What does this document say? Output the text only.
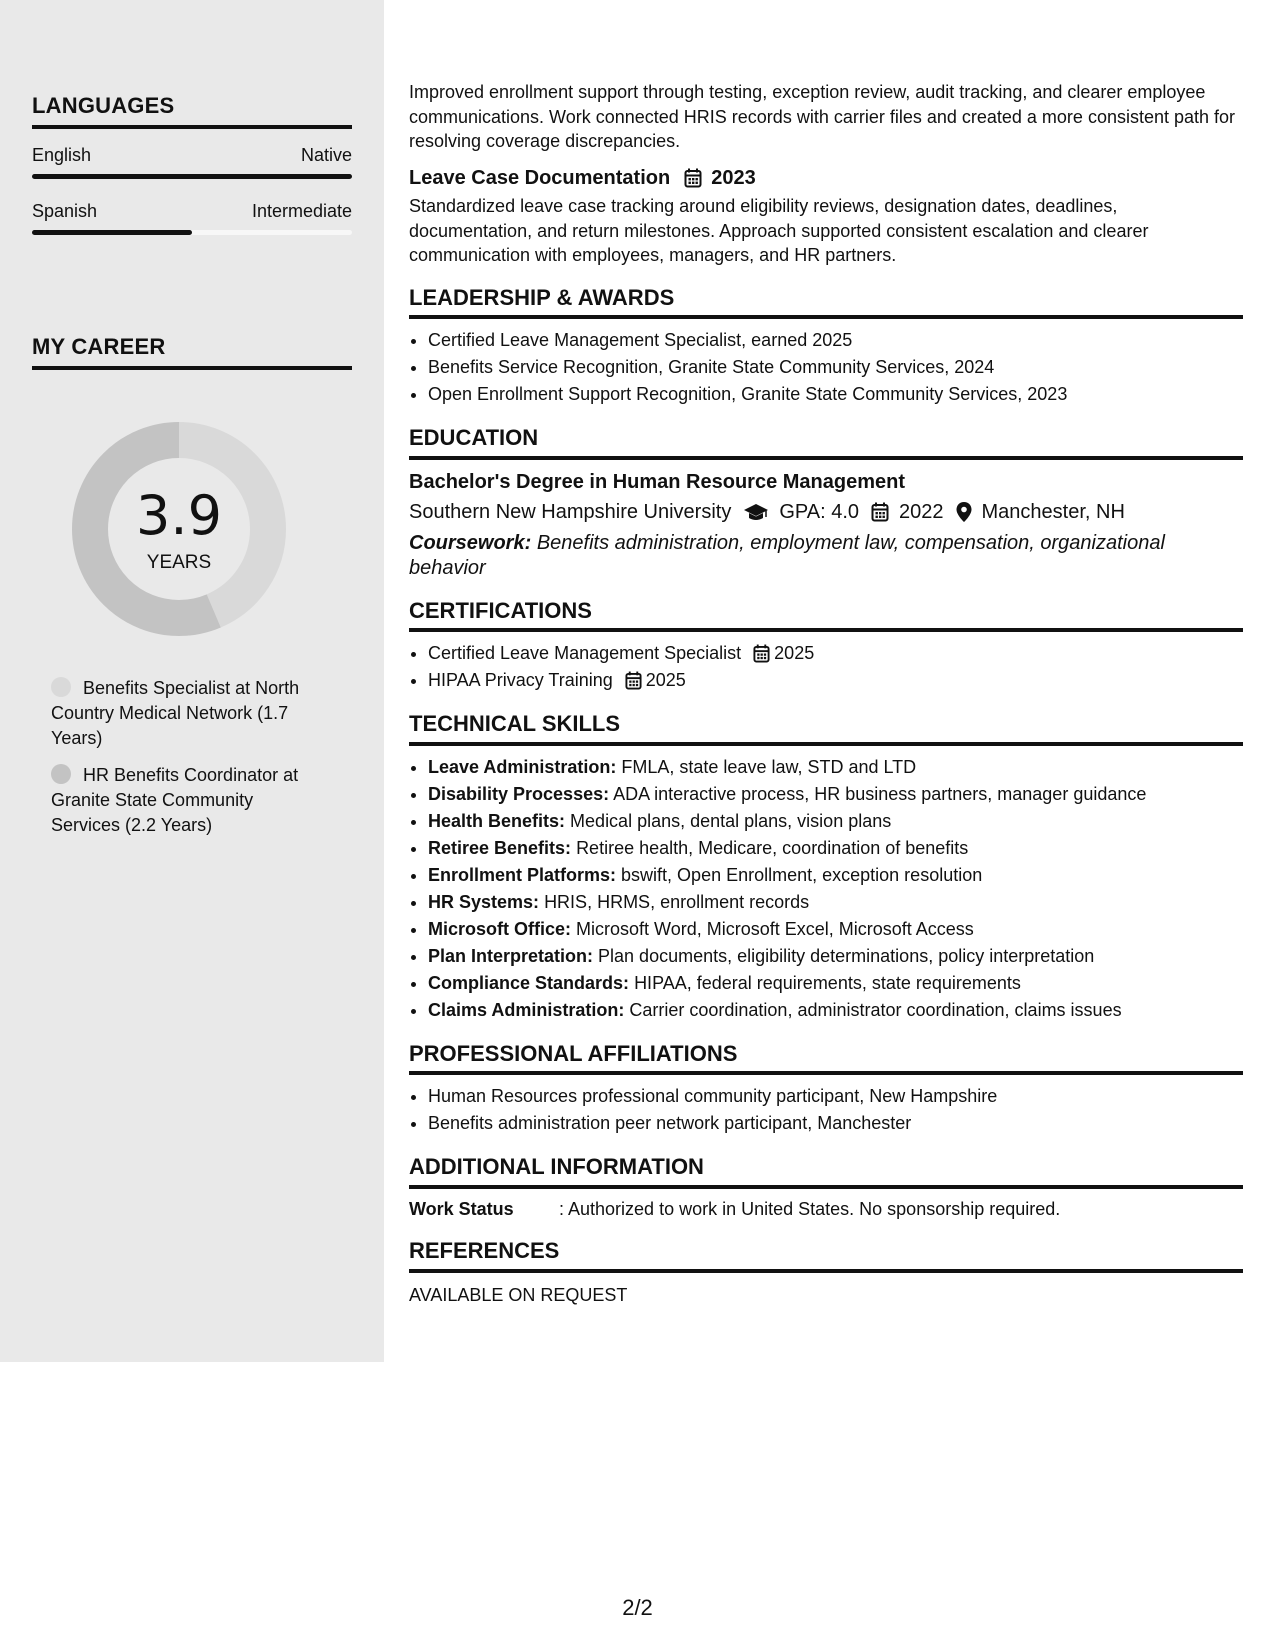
LANGUAGES
English	Native
Spanish	Intermediate
MY CAREER
3.9
YEARS
Benefits Specialist at North Country Medical Network (1.7 Years)
HR Benefits Coordinator at Granite State Community Services (2.2 Years)

Improved enrollment support through testing, exception review, audit tracking, and clearer employee communications. Work connected HRIS records with carrier files and created a more consistent path for resolving coverage discrepancies.

Leave Case Documentation 2023

Standardized leave case tracking around eligibility reviews, designation dates, deadlines, documentation, and return milestones. Approach supported consistent escalation and clearer communication with employees, managers, and HR partners.

LEADERSHIP & AWARDS
• Certified Leave Management Specialist, earned 2025
• Benefits Service Recognition, Granite State Community Services, 2024
• Open Enrollment Support Recognition, Granite State Community Services, 2023
EDUCATION
Bachelor's Degree in Human Resource Management
Southern New Hampshire University GPA: 4.0 2022 Manchester, NH
Coursework: Benefits administration, employment law, compensation, organizational behavior
CERTIFICATIONS
• Certified Leave Management Specialist 2025
• HIPAA Privacy Training 2025
TECHNICAL SKILLS
• Leave Administration: FMLA, state leave law, STD and LTD
• Disability Processes: ADA interactive process, HR business partners, manager guidance
• Health Benefits: Medical plans, dental plans, vision plans
• Retiree Benefits: Retiree health, Medicare, coordination of benefits
• Enrollment Platforms: bswift, Open Enrollment, exception resolution
• HR Systems: HRIS, HRMS, enrollment records
• Microsoft Office: Microsoft Word, Microsoft Excel, Microsoft Access
• Plan Interpretation: Plan documents, eligibility determinations, policy interpretation
• Compliance Standards: HIPAA, federal requirements, state requirements
• Claims Administration: Carrier coordination, administrator coordination, claims issues
PROFESSIONAL AFFILIATIONS
• Human Resources professional community participant, New Hampshire
• Benefits administration peer network participant, Manchester
ADDITIONAL INFORMATION
Work Status	: Authorized to work in United States. No sponsorship required.
REFERENCES

AVAILABLE ON REQUEST

2/2
